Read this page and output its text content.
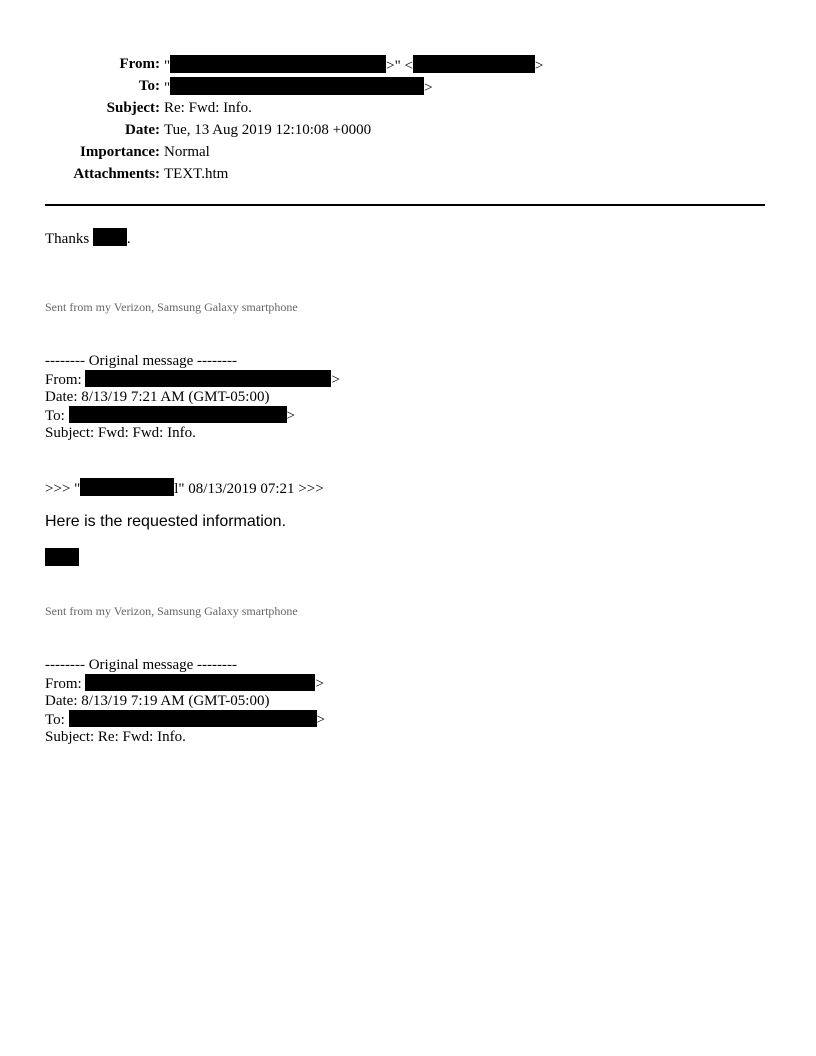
From: "	>" <	>
To: "	>
Subject: Re: Fwd: Info.
Date: Tue, 13 Aug 2019 12:10:08 +0000
Importance: Normal
Attachments: TEXT.htm
Thanks	.
Sent from my Verizon, Samsung Galaxy smartphone
-------- Original message --------
From:	>
Date: 8/13/19 7:21 AM (GMT-05:00)
To:	>
Subject: Fwd: Fwd: Info.
>>> "	l" 08/13/2019 07:21 >>>
Here is the requested information.
Sent from my Verizon, Samsung Galaxy smartphone
-------- Original message --------
From:	>
Date: 8/13/19 7:19 AM (GMT-05:00)
To:	>
Subject: Re: Fwd: Info.
